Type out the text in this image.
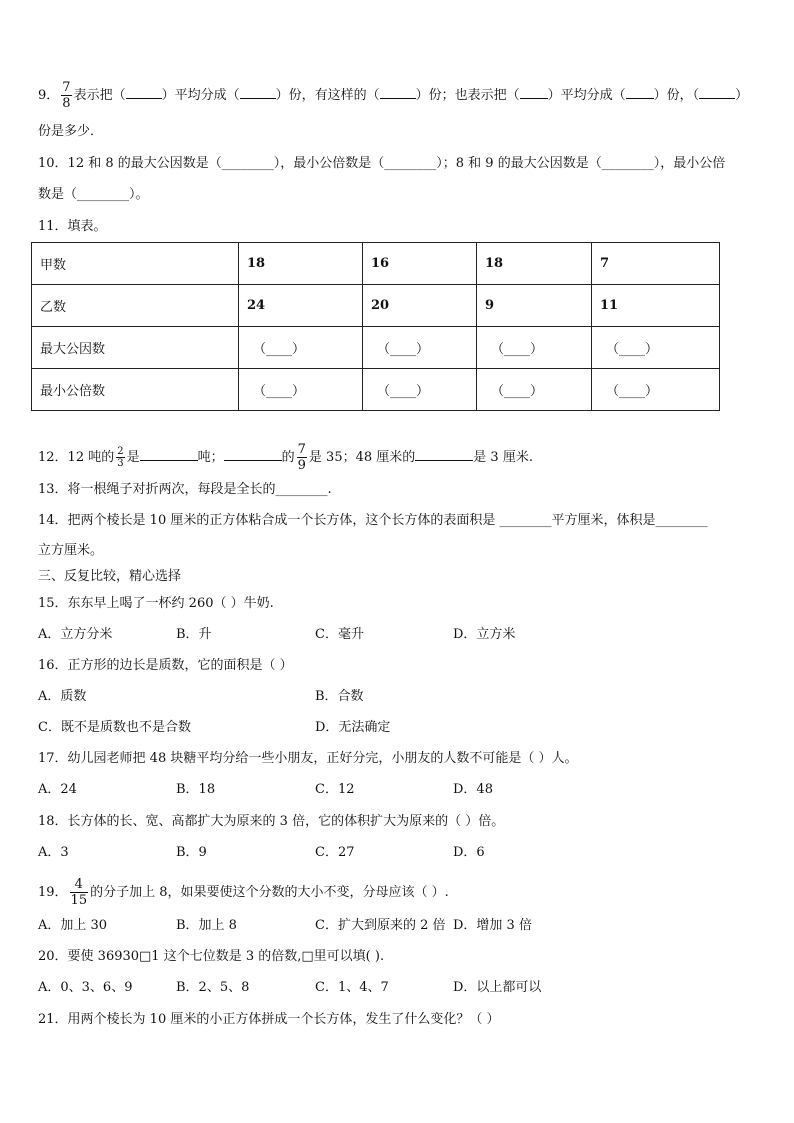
9． $\frac{7}{8}$ 表示把（	）平均分成（	）份，有这样的（	）份；也表示把（ ）平均分成（ ）份，（	）
份是多少．
10．12 和 8 的最大公因数是（________），最小公倍数是（________）；8 和 9 的最大公因数是（________），最小公倍
数是（________）。
11．填表。
甲数	18	16	18	7
乙数	24	20	9	11
最大公因数	（____）	（____）	（____）	（____）
最小公倍数	（____）	（____）	（____）	（____）
12．12 吨的 $\frac{2}{3}$ 是	吨；	的 $\frac{7}{9}$ 是 35；48 厘米的	是 3 厘米.
13．将一根绳子对折两次，每段是全长的________.
14．把两个棱长是 10 厘米的正方体粘合成一个长方体，这个长方体的表面积是 ________平方厘米，体积是________
立方厘米。
三、反复比较，精心选择
15．东东早上喝了一杯约 260（ ）牛奶.
A．立方分米	B．升	C．毫升	D．立方米
16．正方形的边长是质数，它的面积是（ ）
A．质数	B．合数
C．既不是质数也不是合数	D．无法确定
17．幼儿园老师把 48 块糖平均分给一些小朋友，正好分完，小朋友的人数不可能是（ ）人。
A．24	B．18	C．12	D．48
18．长方体的长、宽、高都扩大为原来的 3 倍，它的体积扩大为原来的（ ）倍。
A．3	B．9	C．27	D．6
19． $\frac{4}{15}$ 的分子加上 8，如果要使这个分数的大小不变，分母应该（ ）.
A．加上 30	B．加上 8	C．扩大到原来的 2 倍 D．增加 3 倍
20．要使 36930□1 这个七位数是 3 的倍数,□里可以填( ).
A．0、3、6、9	B．2、5、8	C．1、4、7	D．以上都可以
21．用两个棱长为 10 厘米的小正方体拼成一个长方体，发生了什么变化？（ ）
